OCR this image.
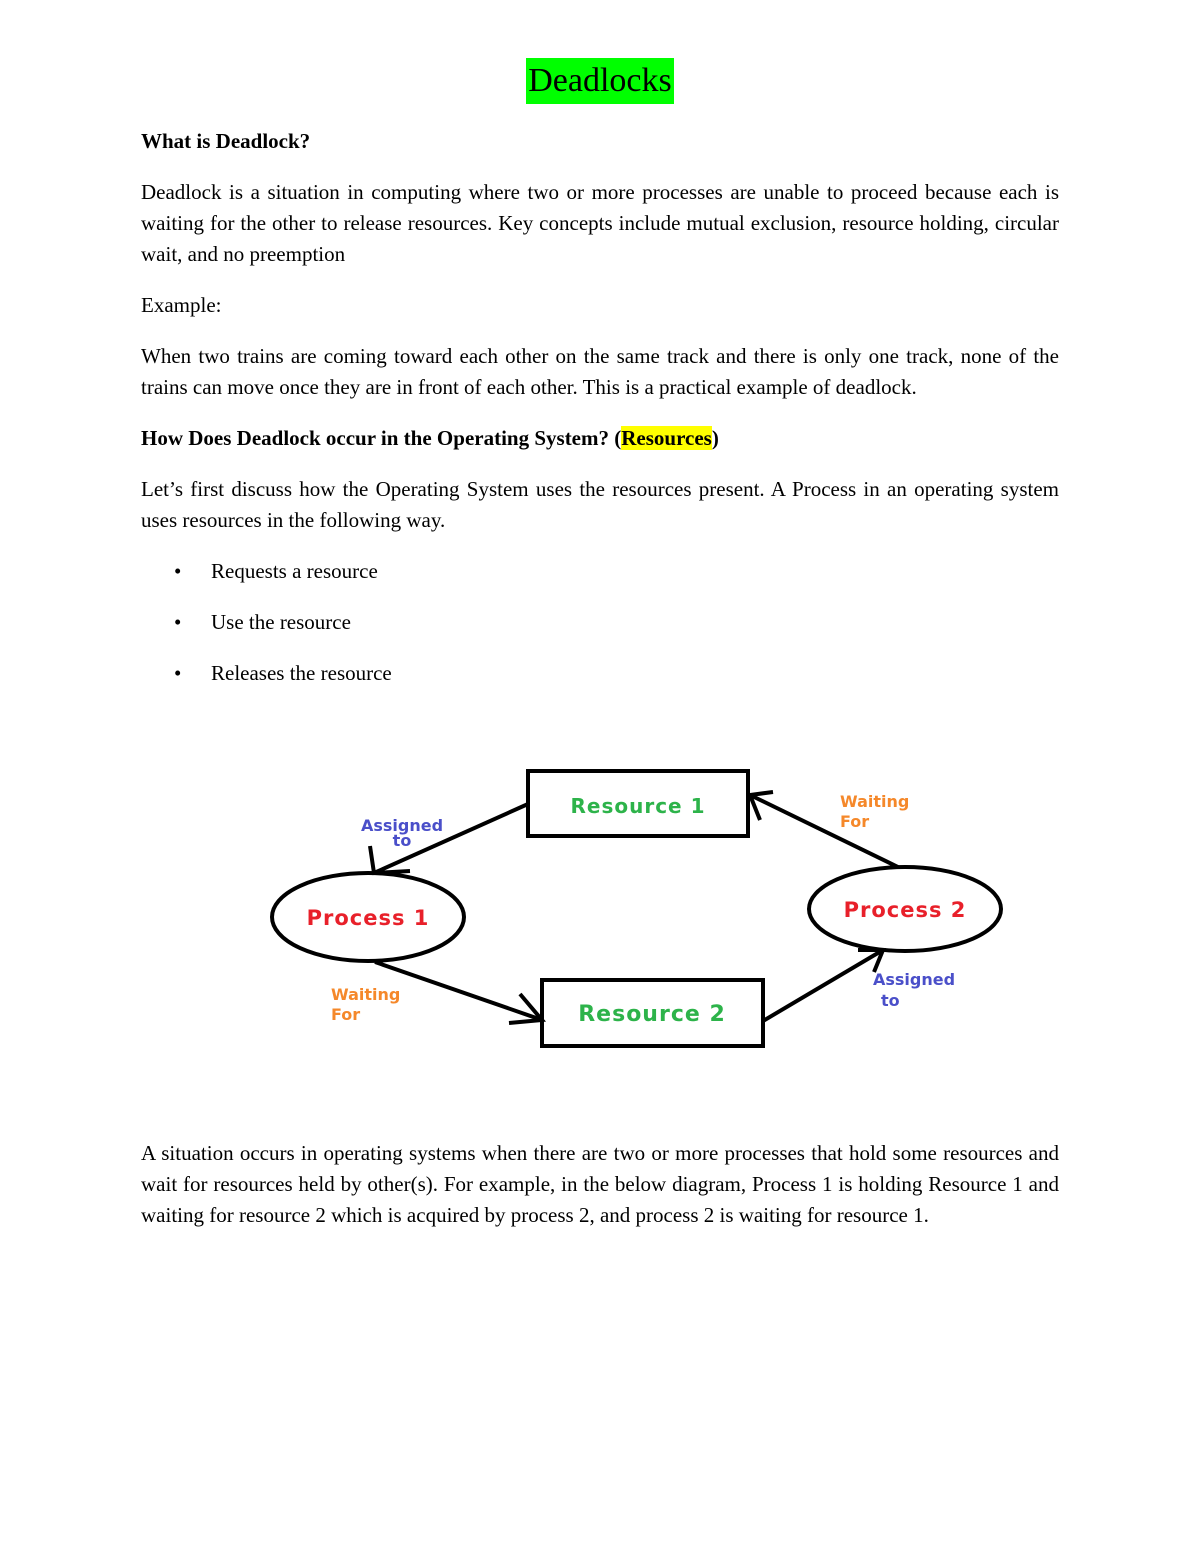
Deadlocks

What is Deadlock?

Deadlock is a situation in computing where two or more processes are unable to proceed because each is waiting for the other to release resources. Key concepts include mutual exclusion, resource holding, circular wait, and no preemption

Example:

When two trains are coming toward each other on the same track and there is only one track, none of the trains can move once they are in front of each other. This is a practical example of deadlock.

How Does Deadlock occur in the Operating System? (Resources)

Let’s first discuss how the Operating System uses the resources present. A Process in an operating system uses resources in the following way.

• Requests a resource
• Use the resource
• Releases the resource
Resource 1
Resource 2
Process 1	Process 2
Assigned
to
Waiting
For
Waiting
For
Assigned
to

A situation occurs in operating systems when there are two or more processes that hold some resources and wait for resources held by other(s). For example, in the below diagram, Process 1 is holding Resource 1 and waiting for resource 2 which is acquired by process 2, and process 2 is waiting for resource 1.
